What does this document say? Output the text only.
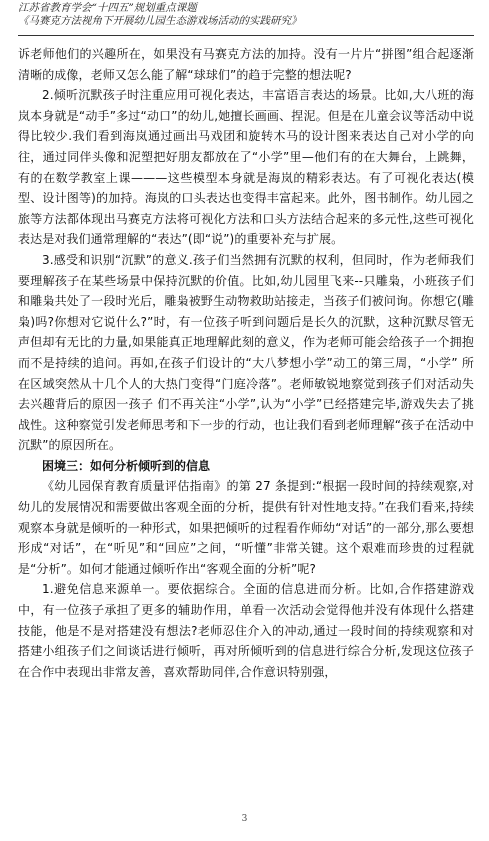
江苏省教育学会“十四五”规划重点课题
《马赛克方法视角下开展幼儿园生态游戏场活动的实践研究》

诉老师他们的兴趣所在，如果没有马赛克方法的加持。没有一片片“拼图”组合起逐渐清晰的成像，老师又怎么能了解“球球们”的趋于完整的想法呢?

2.倾听沉默孩子时注重应用可视化表达，丰富语言表达的场景。比如,大八班的海岚本身就是“动手”多过“动口”的幼儿,她擅长画画、捏泥。但是在儿童会议等活动中说得比较少.我们看到海岚通过画出马戏团和旋转木马的设计图来表达自己对小学的向往，通过同伴头像和泥塑把好朋友都放在了“小学”里—他们有的在大舞台，上跳舞，有的在数学教室上课———这些模型本身就是海岚的精彩表达。有了可视化表达(模型、设计图等)的加持。海岚的口头表达也变得丰富起来。此外，图书制作。幼儿园之旅等方法都体现出马赛克方法将可视化方法和口头方法结合起来的多元性,这些可视化表达是对我们通常理解的“表达”(即“说”)的重要补充与扩展。

3.感受和识别“沉默”的意义.孩子们当然拥有沉默的权利，但同时，作为老师我们要理解孩子在某些场景中保持沉默的价值。比如,幼儿园里飞来-‐只雕枭，小班孩子们和雕枭共处了一段时光后，雕枭被野生动物救助站接走，当孩子们被问询。你想它(雕枭)吗?你想对它说什么?”时，有一位孩子听到问题后是长久的沉默，这种沉默尽管无声但却有无比的力量,如果能真正地理解此刻的意义，作为老师可能会给孩子一个拥抱而不是持续的追问。再如,在孩子们设计的“大八梦想小学”动工的第三周，“小学” 所在区域突然从十几个人的大热门变得“门庭冷落”。老师敏锐地察觉到孩子们对活动失去兴趣背后的原因一孩子 们不再关注“小学”,认为“小学”已经搭建完毕,游戏失去了挑战性。这种察觉引发老师思考和下一步的行动，也让我们看到老师理解“孩子在活动中沉默”的原因所在。

困境三：如何分析倾听到的信息

《幼儿园保育教育质量评估指南》的第 27 条提到:“根据一段时间的持续观察,对幼儿的发展情况和需要做出客观全面的分析，提供有针对性地支持。”在我们看来,持续观察本身就是倾听的一种形式，如果把倾听的过程看作师幼“对话”的一部分,那么要想形成“对话”，在“听见”和“回应”之间，“听懂”非常关键。这个艰难而珍贵的过程就是“分析”。如何才能通过倾听作出“客观全面的分析”呢?

1.避免信息来源单一。要依据综合。全面的信息进而分析。比如,合作搭建游戏中，有一位孩子承担了更多的辅助作用，单看一次活动会觉得他并没有体现什么搭建技能，他是不是对搭建没有想法?老师忍住介入的冲动,通过一段时间的持续观察和对搭建小组孩子们之间谈话进行倾听，再对所倾听到的信息进行综合分析,发现这位孩子在合作中表现出非常友善，喜欢帮助同伴,合作意识特别强，

3
